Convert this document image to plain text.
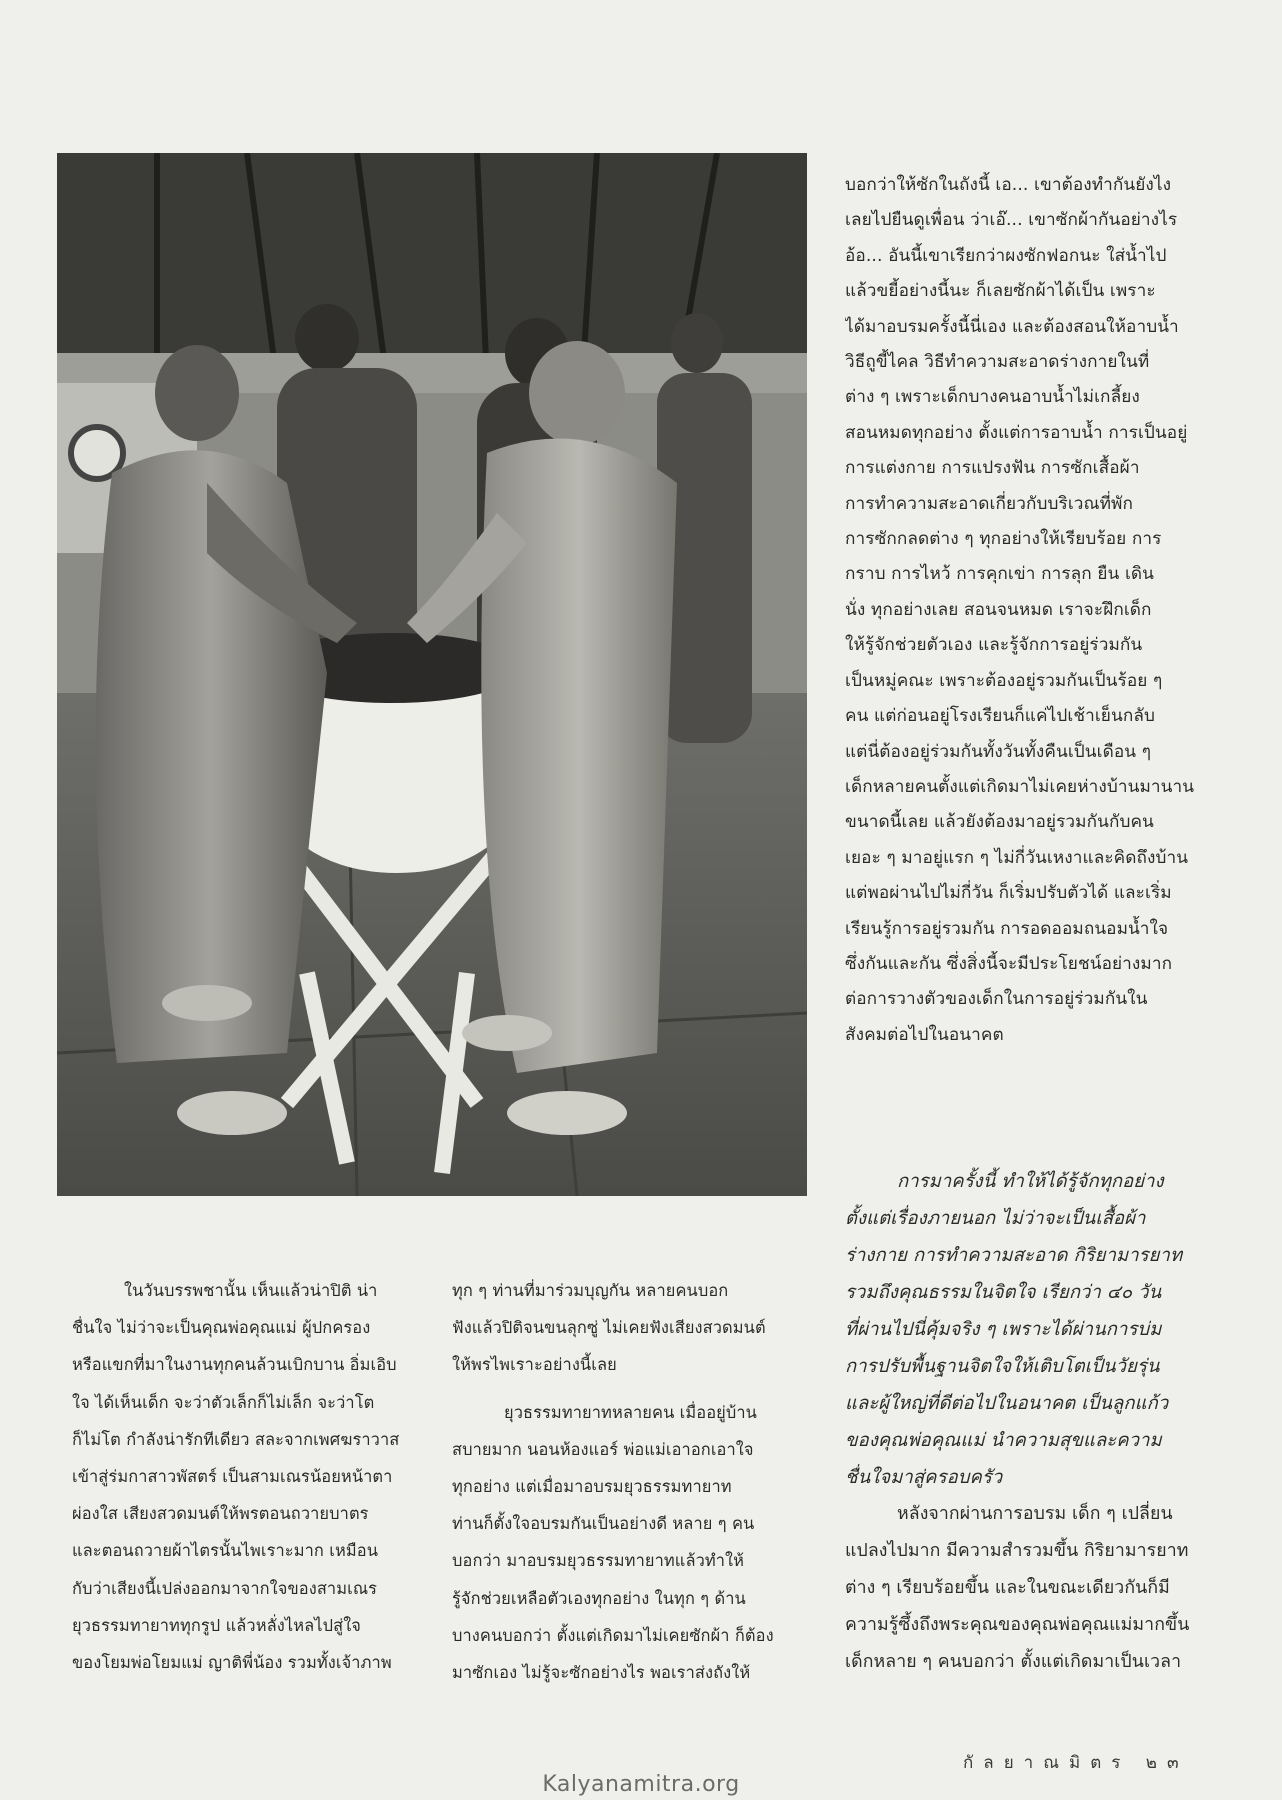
บอกว่าให้ซักในถังนี้ เอ... เขาต้องทำกันยังไง
เลยไปยืนดูเพื่อน ว่าเอ๊... เขาซักผ้ากันอย่างไร
อ้อ... อันนี้เขาเรียกว่าผงซักฟอกนะ ใส่น้ำไป
แล้วขยี้อย่างนี้นะ ก็เลยซักผ้าได้เป็น เพราะ
ได้มาอบรมครั้งนี้นี่เอง และต้องสอนให้อาบน้ำ
วิธีถูขี้ไคล วิธีทำความสะอาดร่างกายในที่
ต่าง ๆ เพราะเด็กบางคนอาบน้ำไม่เกลี้ยง
สอนหมดทุกอย่าง ตั้งแต่การอาบน้ำ การเป็นอยู่
การแต่งกาย การแปรงฟัน การซักเสื้อผ้า
การทำความสะอาดเกี่ยวกับบริเวณที่พัก
การซักกลดต่าง ๆ ทุกอย่างให้เรียบร้อย การ
กราบ การไหว้ การคุกเข่า การลุก ยืน เดิน
นั่ง ทุกอย่างเลย สอนจนหมด เราจะฝึกเด็ก
ให้รู้จักช่วยตัวเอง และรู้จักการอยู่ร่วมกัน
เป็นหมู่คณะ เพราะต้องอยู่รวมกันเป็นร้อย ๆ
คน แต่ก่อนอยู่โรงเรียนก็แค่ไปเช้าเย็นกลับ
แต่นี่ต้องอยู่ร่วมกันทั้งวันทั้งคืนเป็นเดือน ๆ
เด็กหลายคนตั้งแต่เกิดมาไม่เคยห่างบ้านมานาน
ขนาดนี้เลย แล้วยังต้องมาอยู่รวมกันกับคน
เยอะ ๆ มาอยู่แรก ๆ ไม่กี่วันเหงาและคิดถึงบ้าน
แต่พอผ่านไปไม่กี่วัน ก็เริ่มปรับตัวได้ และเริ่ม
เรียนรู้การอยู่รวมกัน การอดออมถนอมน้ำใจ
ซึ่งกันและกัน ซึ่งสิ่งนี้จะมีประโยชน์อย่างมาก
ต่อการวางตัวของเด็กในการอยู่ร่วมกันใน
สังคมต่อไปในอนาคต
การมาครั้งนี้ ทำให้ได้รู้จักทุกอย่าง
ตั้งแต่เรื่องภายนอก ไม่ว่าจะเป็นเสื้อผ้า
ร่างกาย การทำความสะอาด กิริยามารยาท
รวมถึงคุณธรรมในจิตใจ เรียกว่า ๔๐ วัน
ที่ผ่านไปนี่คุ้มจริง ๆ เพราะได้ผ่านการบ่ม
การปรับพื้นฐานจิตใจให้เติบโตเป็นวัยรุ่น
และผู้ใหญ่ที่ดีต่อไปในอนาคต เป็นลูกแก้ว
ของคุณพ่อคุณแม่ นำความสุขและความ
ชื่นใจมาสู่ครอบครัว
หลังจากผ่านการอบรม เด็ก ๆ เปลี่ยน
แปลงไปมาก มีความสำรวมขึ้น กิริยามารยาท
ต่าง ๆ เรียบร้อยขึ้น และในขณะเดียวกันก็มี
ความรู้ซึ้งถึงพระคุณของคุณพ่อคุณแม่มากขึ้น
เด็กหลาย ๆ คนบอกว่า ตั้งแต่เกิดมาเป็นเวลา
ในวันบรรพชานั้น เห็นแล้วน่าปิติ น่า
ชื่นใจ ไม่ว่าจะเป็นคุณพ่อคุณแม่ ผู้ปกครอง
หรือแขกที่มาในงานทุกคนล้วนเบิกบาน อิ่มเอิบ
ใจ ได้เห็นเด็ก จะว่าตัวเล็กก็ไม่เล็ก จะว่าโต
ก็ไม่โต กำลังน่ารักทีเดียว สละจากเพศฆราวาส
เข้าสู่ร่มกาสาวพัสตร์ เป็นสามเณรน้อยหน้าตา
ผ่องใส เสียงสวดมนต์ให้พรตอนถวายบาตร
และตอนถวายผ้าไตรนั้นไพเราะมาก เหมือน
กับว่าเสียงนี้เปล่งออกมาจากใจของสามเณร
ยุวธรรมทายาททุกรูป แล้วหลั่งไหลไปสู่ใจ
ของโยมพ่อโยมแม่ ญาติพี่น้อง รวมทั้งเจ้าภาพ
ทุก ๆ ท่านที่มาร่วมบุญกัน หลายคนบอก
ฟังแล้วปิติจนขนลุกซู่ ไม่เคยฟังเสียงสวดมนต์
ให้พรไพเราะอย่างนี้เลย

ยุวธรรมทายาทหลายคน เมื่ออยู่บ้าน
สบายมาก นอนห้องแอร์ พ่อแม่เอาอกเอาใจ
ทุกอย่าง แต่เมื่อมาอบรมยุวธรรมทายาท
ท่านก็ตั้งใจอบรมกันเป็นอย่างดี หลาย ๆ คน
บอกว่า มาอบรมยุวธรรมทายาทแล้วทำให้
รู้จักช่วยเหลือตัวเองทุกอย่าง ในทุก ๆ ด้าน
บางคนบอกว่า ตั้งแต่เกิดมาไม่เคยซักผ้า ก็ต้อง
มาซักเอง ไม่รู้จะซักอย่างไร พอเราส่งถังให้
กัลยาณมิตร ๒๓
Kalyanamitra.org
